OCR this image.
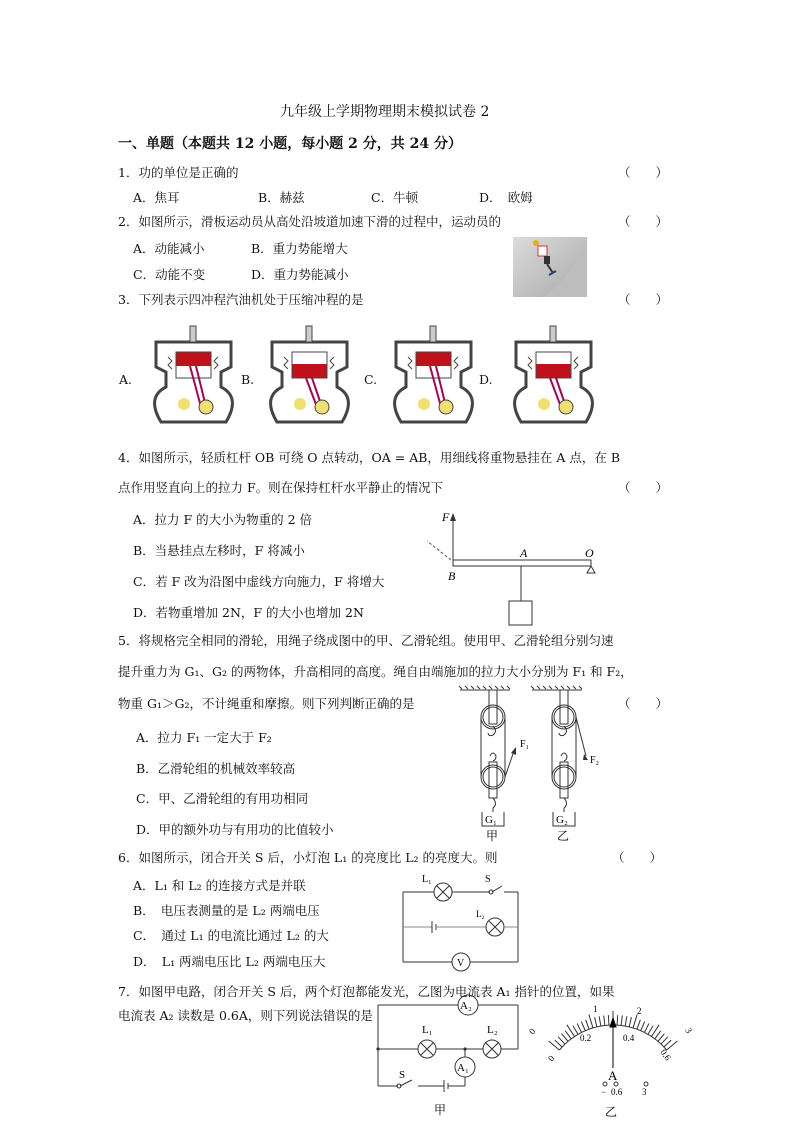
九年级上学期物理期末模拟试卷 2
一、单题（本题共 12 小题，每小题 2 分，共 24 分）
1．功的单位是正确的	（　　）
A．焦耳	B．赫兹	C．牛顿	D．　欧姆
2．如图所示，滑板运动员从高处沿坡道加速下滑的过程中，运动员的	（　　）
A．动能减小	B．重力势能增大
C．动能不变	D．重力势能减小
3．下列表示四冲程汽油机处于压缩冲程的是	（　　）
A.	B.	C.	D.
4．如图所示，轻质杠杆 OB 可绕 O 点转动，OA = AB，用细线将重物悬挂在 A 点，在 B
点作用竖直向上的拉力 F。则在保持杠杆水平静止的情况下	（　　）
A．拉力 F 的大小为物重的 2 倍
B．当悬挂点左移时，F 将减小
C．若 F 改为沿图中虚线方向施力，F 将增大
D．若物重增加 2N，F 的大小也增加 2N
F
A	O
B
5．将规格完全相同的滑轮，用绳子绕成图中的甲、乙滑轮组。使用甲、乙滑轮组分别匀速
提升重力为 G₁、G₂ 的两物体，升高相同的高度。绳自由端施加的拉力大小分别为 F₁ 和 F₂，
物重 G₁＞G₂，不计绳重和摩擦。则下列判断正确的是	（　　）
A．拉力 F₁ 一定大于 F₂
B．乙滑轮组的机械效率较高
C．甲、乙滑轮组的有用功相同
D．甲的额外功与有用功的比值较小
F₁
F₂
G₁	G₂
甲	乙
6．如图所示，闭合开关 S 后，小灯泡 L₁ 的亮度比 L₂ 的亮度大。则	（　　）
A．L₁ 和 L₂ 的连接方式是并联
B．　电压表测量的是 L₂ 两端电压
C．　通过 L₁ 的电流比通过 L₂ 的大
D．　L₁ 两端电压比 L₂ 两端电压大
L₁	S
L₂
V
7．如图甲电路，闭合开关 S 后，两个灯泡都能发光，乙图为电流表 A₁ 指针的位置，如果
电流表 A₂ 读数是 0.6A，则下列说法错误的是
A₂
A₁
L₁	L₂
S
甲
A
乙
− 0.6 3
0
1	2
3
0
0.2	0.4
0.6
